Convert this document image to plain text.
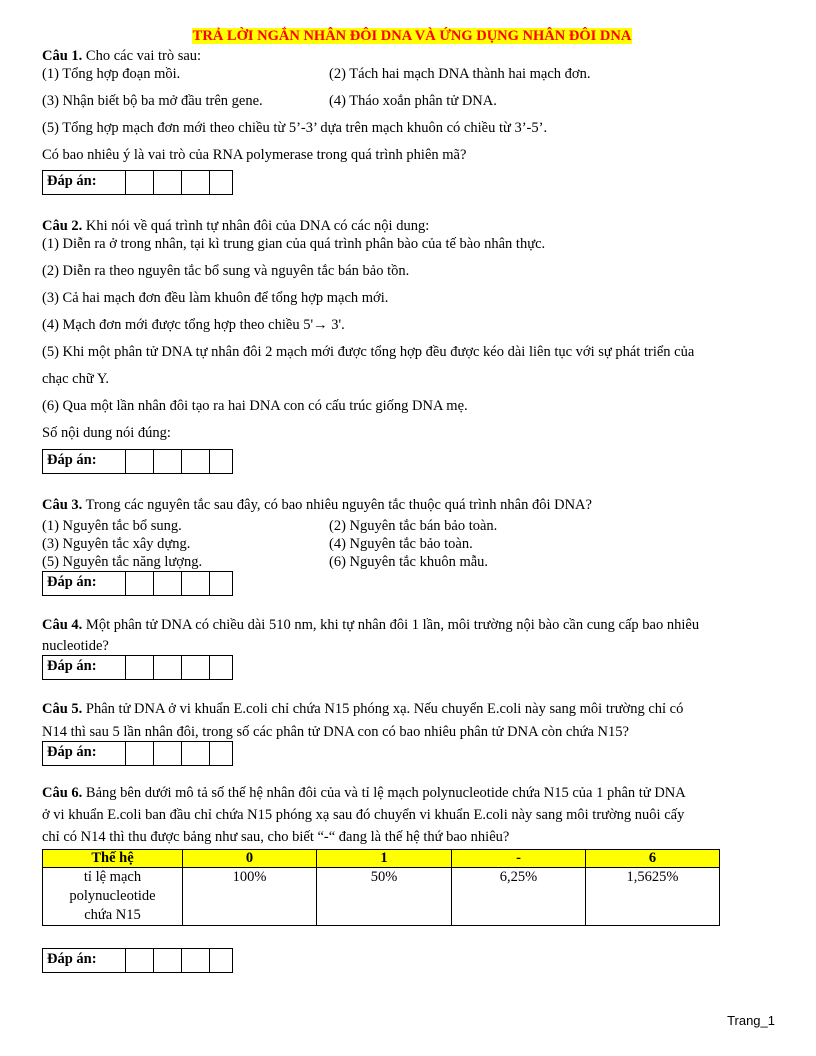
TRẢ LỜI NGẮN NHÂN ĐÔI DNA VÀ ỨNG DỤNG NHÂN ĐÔI DNA

Câu 1. Cho các vai trò sau:

(1) Tổng hợp đoạn mồi.	(2) Tách hai mạch DNA thành hai mạch đơn.
(3) Nhận biết bộ ba mở đầu trên gene.	(4) Tháo xoắn phân tử DNA.

(5) Tổng hợp mạch đơn mới theo chiều từ 5’-3’ dựa trên mạch khuôn có chiều từ 3’-5’.

Có bao nhiêu ý là vai trò của RNA polymerase trong quá trình phiên mã?

Đáp án:				

Câu 2. Khi nói về quá trình tự nhân đôi của DNA có các nội dung:

(1) Diễn ra ở trong nhân, tại kì trung gian của quá trình phân bào của tế bào nhân thực.

(2) Diễn ra theo nguyên tắc bổ sung và nguyên tắc bán bảo tồn.

(3) Cả hai mạch đơn đều làm khuôn để tổng hợp mạch mới.

(4) Mạch đơn mới được tổng hợp theo chiều 5'→ 3'.

(5) Khi một phân tử DNA tự nhân đôi 2 mạch mới được tổng hợp đều được kéo dài liên tục với sự phát triển của

chạc chữ Y.

(6) Qua một lần nhân đôi tạo ra hai DNA con có cấu trúc giống DNA mẹ.

Số nội dung nói đúng:

Đáp án:				

Câu 3. Trong các nguyên tắc sau đây, có bao nhiêu nguyên tắc thuộc quá trình nhân đôi DNA?

(1) Nguyên tắc bổ sung.	(2) Nguyên tắc bán bảo toàn.
(3) Nguyên tắc xây dựng.	(4) Nguyên tắc bảo toàn.
(5) Nguyên tắc năng lượng.	(6) Nguyên tắc khuôn mẫu.
Đáp án:				

Câu 4. Một phân tử DNA có chiều dài 510 nm, khi tự nhân đôi 1 lần, môi trường nội bào cần cung cấp bao nhiêu

nucleotide?

Đáp án:				

Câu 5. Phân tử DNA ở vi khuẩn E.coli chỉ chứa N15 phóng xạ. Nếu chuyển E.coli này sang môi trường chỉ có

N14 thì sau 5 lần nhân đôi, trong số các phân tử DNA con có bao nhiêu phân tử DNA còn chứa N15?

Đáp án:				

Câu 6. Bảng bên dưới mô tả số thế hệ nhân đôi của và tỉ lệ mạch polynucleotide chứa N15 của 1 phân tử DNA

ở vi khuẩn E.coli ban đầu chỉ chứa N15 phóng xạ sau đó chuyển vi khuẩn E.coli này sang môi trường nuôi cấy

chỉ có N14 thì thu được bảng như sau, cho biết “-“ đang là thế hệ thứ bao nhiêu?

Thế hệ	0	1	-	6

tỉ lệ mạch
polynucleotide
chứa N15	100%	50%	6,25%	1,5625%
Đáp án:				
Trang_1
